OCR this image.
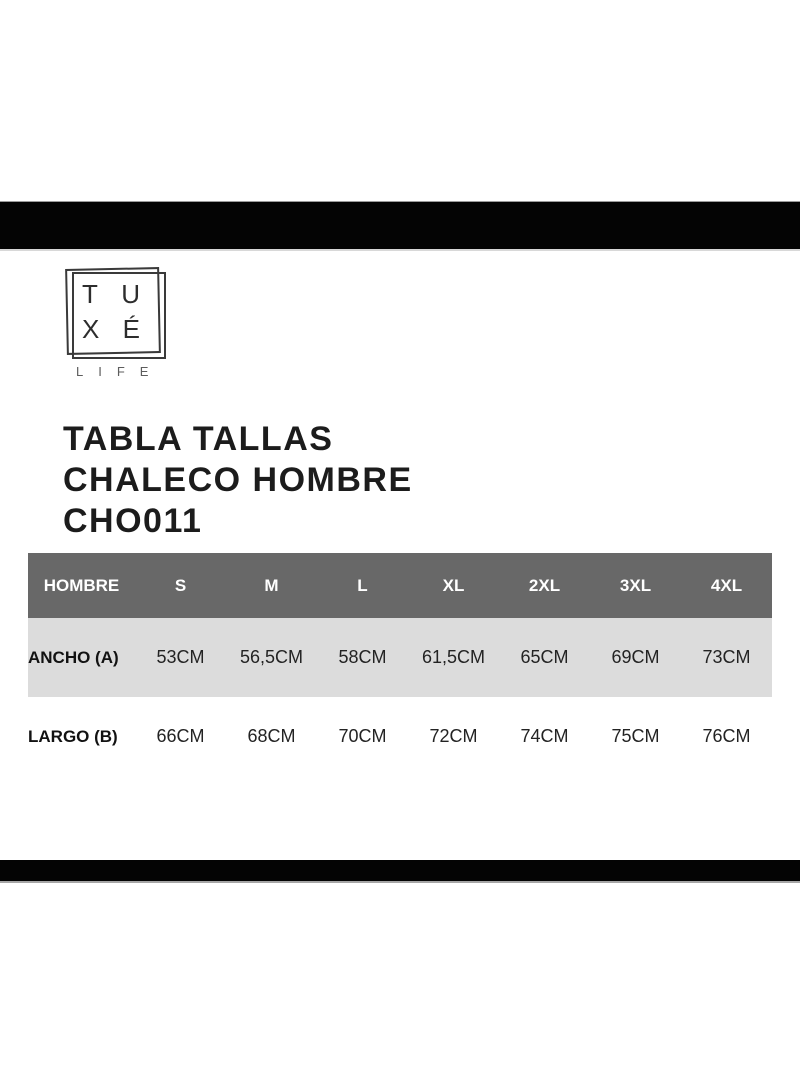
T U
X É
LIFE
TABLA TALLAS
CHALECO HOMBRE
CHO011
HOMBRE	S	M	L	XL	2XL	3XL	4XL
ANCHO (A)	53CM	56,5CM	58CM	61,5CM	65CM	69CM	73CM
LARGO (B)	66CM	68CM	70CM	72CM	74CM	75CM	76CM
